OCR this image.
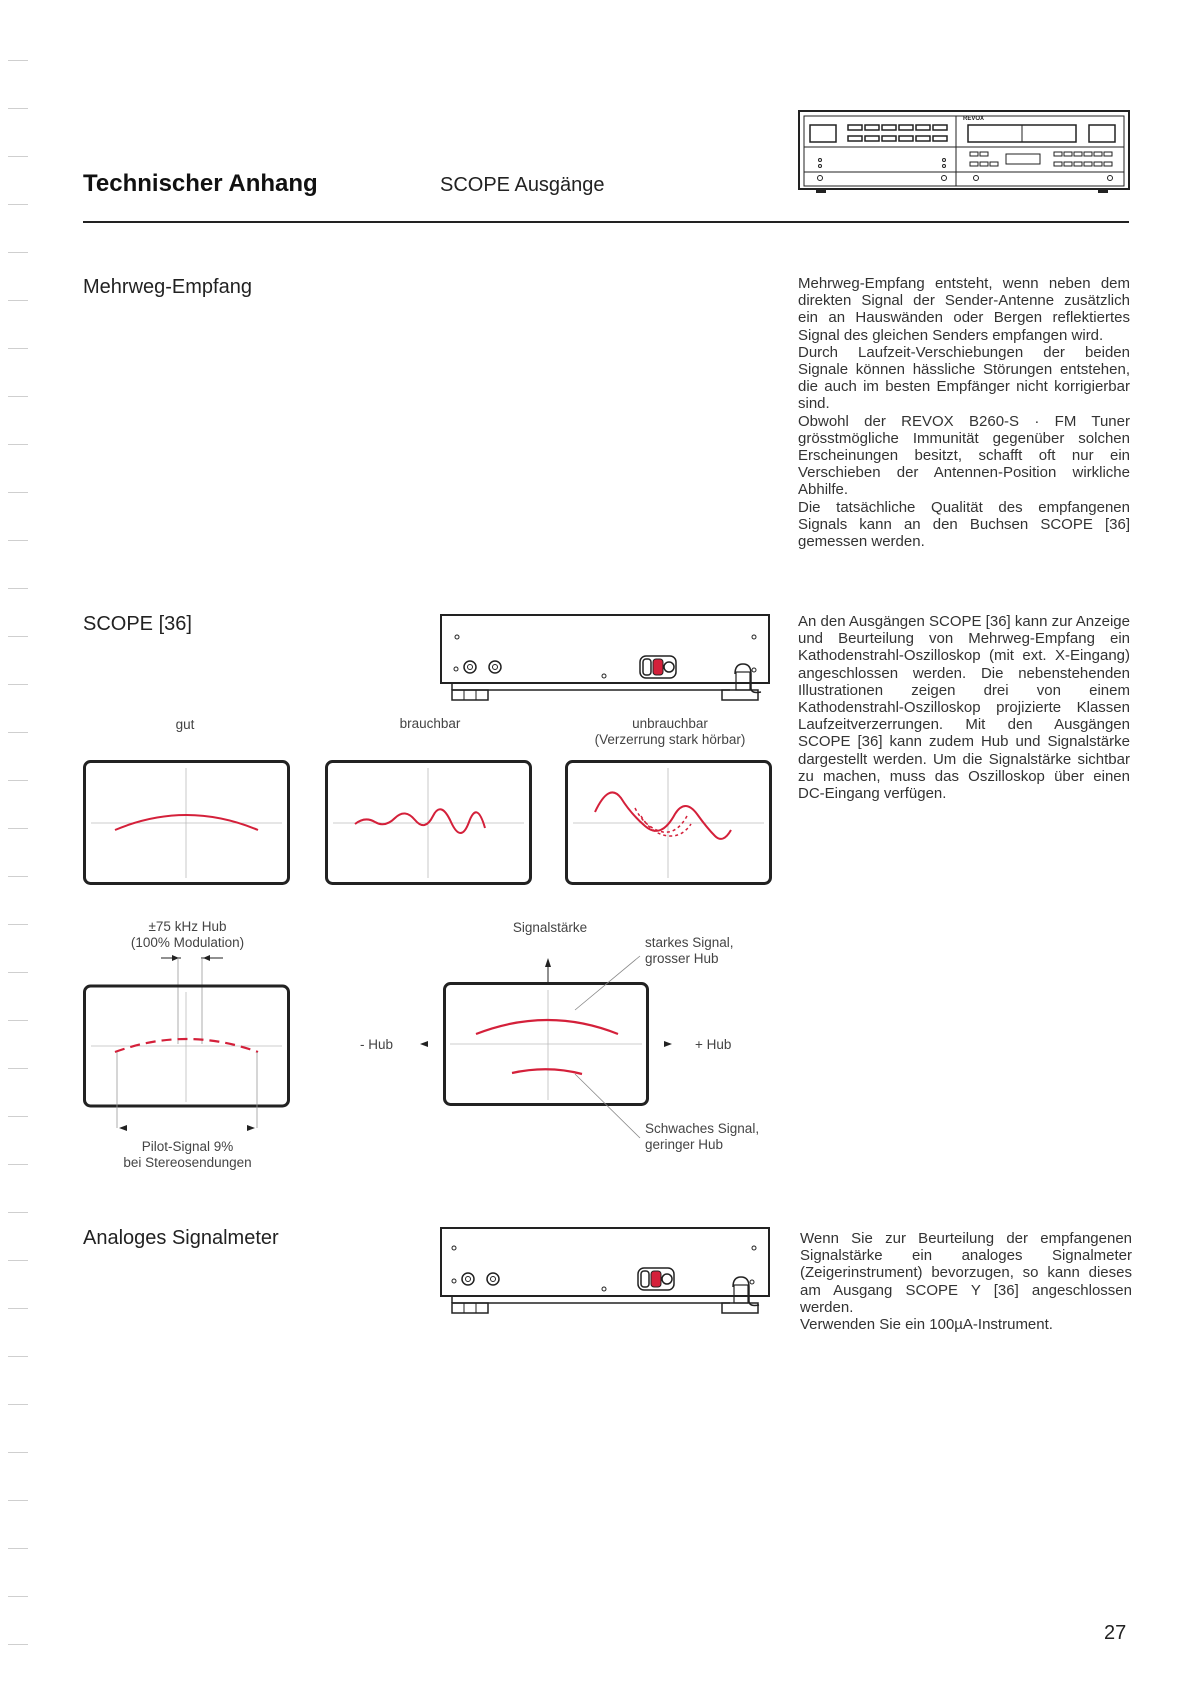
Technischer Anhang	SCOPE Ausgänge
REVOX
Mehrweg-Empfang	Mehrweg-Empfang entsteht, wenn neben dem direkten Signal der Sender-Antenne zusätzlich ein an Hauswänden oder Bergen reflektiertes Signal des gleichen Senders empfangen wird.

Durch Laufzeit-Verschiebungen der beiden Signale können hässliche Störungen entstehen, die auch im besten Empfänger nicht korrigierbar sind.

Obwohl der REVOX B260-S · FM Tuner grösstmögliche Immunität gegenüber solchen Erscheinungen besitzt, schafft oft nur ein Verschieben der Antennen-Position wirkliche Abhilfe.

Die tatsächliche Qualität des empfangenen Signals kann an den Buchsen SCOPE [36] gemessen werden.

SCOPE [36]
gut	brauchbar	unbrauchbar
(Verzerrung stark hörbar)

An den Ausgängen SCOPE [36] kann zur Anzeige und Beurteilung von Mehrweg-Empfang ein Kathodenstrahl-Oszilloskop (mit ext. X-Eingang) angeschlossen werden. Die nebenstehenden Illustrationen zeigen drei von einem Kathodenstrahl-Oszilloskop projizierte Klassen Laufzeitverzerrungen. Mit den Ausgängen SCOPE [36] kann zudem Hub und Signalstärke dargestellt werden. Um die Signalstärke sichtbar zu machen, muss das Oszilloskop über einen DC-Eingang verfügen.

±75 kHz Hub
(100% Modulation)
Pilot-Signal 9%
bei Stereosendungen
Signalstärke
starkes Signal,
grosser Hub
- Hub	+ Hub
Schwaches Signal,
geringer Hub
Analoges Signalmeter	Wenn Sie zur Beurteilung der empfangenen Signalstärke ein analoges Signalmeter (Zeigerinstrument) bevorzugen, so kann dieses am Ausgang SCOPE Y [36] angeschlossen werden.

Verwenden Sie ein 100µA-Instrument.

27
